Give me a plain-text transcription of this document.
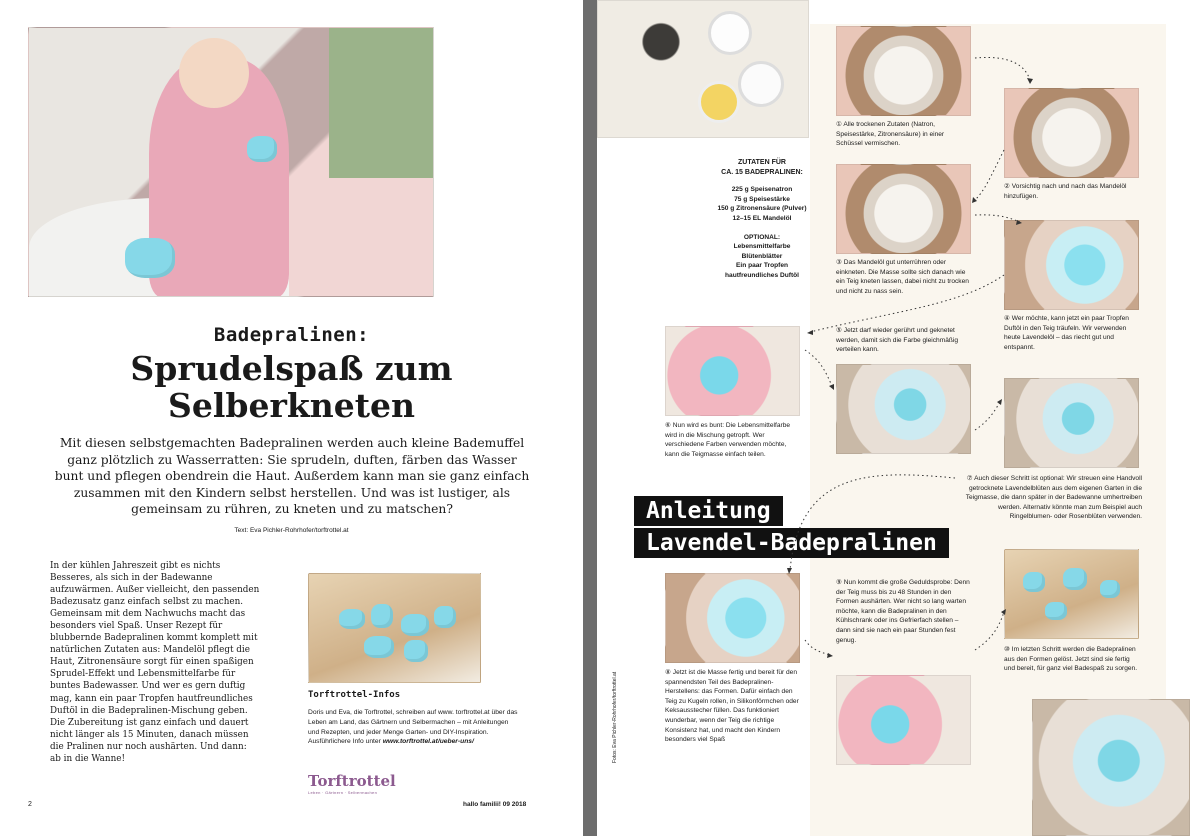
Badepralinen:
Sprudelspaß zum
Selberkneten

Mit diesen selbstgemachten Badepralinen werden auch kleine Bademuffel ganz plötzlich zu Wasserratten: Sie sprudeln, duften, färben das Wasser bunt und pflegen obendrein die Haut. Außerdem kann man sie ganz einfach zusammen mit den Kindern selbst herstellen. Und was ist lustiger, als gemeinsam zu rühren, zu kneten und zu matschen?

Text: Eva Pichler-Rohrhofer/torftrottel.at

In der kühlen Jahreszeit gibt es nichts Besseres, als sich in der Badewanne aufzuwärmen. Außer vielleicht, den passenden Badezusatz ganz einfach selbst zu machen. Gemeinsam mit dem Nachwuchs macht das besonders viel Spaß. Unser Rezept für blubbernde Badepralinen kommt komplett mit natürlichen Zutaten aus: Mandelöl pflegt die Haut, Zitronensäure sorgt für einen spaßigen Sprudel-Effekt und Lebensmittelfarbe für buntes Badewasser. Und wer es gern duftig mag, kann ein paar Tropfen hautfreundliches Duftöl in die Badepralinen-Mischung geben. Die Zubereitung ist ganz einfach und dauert nicht länger als 15 Minuten, danach müssen die Pralinen nur noch aushärten. Und dann: ab in die Wanne!

Torftrottel-Infos
Doris und Eva, die Torftrottel, schreiben auf www. torftrottel.at über das Leben am Land, das Gärtnern und Selbermachen – mit Anleitungen und Rezepten, und jeder Menge Garten- und DIY-Inspiration. Ausführlichere Info unter www.torftrottel.at/ueber-uns/
Torftrottel
Leben · Gärtnern · Selbermachen
2	hallo familii! 09 2018
ZUTATEN FÜR
CA. 15 BADEPRALINEN:
225 g Speisenatron
75 g Speisestärke
150 g Zitronensäure (Pulver)
12–15 EL Mandelöl
OPTIONAL:
Lebensmittelfarbe
Blütenblätter
Ein paar Tropfen
hautfreundliches Duftöl
① Alle trockenen Zutaten (Natron, Speisestärke, Zitronensäure) in einer Schüssel vermischen.
② Vorsichtig nach und nach das Mandelöl hinzufügen.
③ Das Mandelöl gut unterrühren oder einkneten. Die Masse sollte sich danach wie ein Teig kneten lassen, dabei nicht zu trocken und nicht zu nass sein.
④ Wer möchte, kann jetzt ein paar Tropfen Duftöl in den Teig träufeln. Wir verwenden heute Lavendelöl – das riecht gut und entspannt.
⑤ Jetzt darf wieder gerührt und geknetet werden, damit sich die Farbe gleichmäßig verteilen kann.
⑥ Nun wird es bunt: Die Lebensmittelfarbe wird in die Mischung getropft. Wer verschiedene Farben verwenden möchte, kann die Teigmasse einfach teilen.
⑦ Auch dieser Schritt ist optional: Wir streuen eine Handvoll getrocknete Lavendelblüten aus dem eigenen Garten in die Teigmasse, die dann später in der Badewanne umhertreiben werden. Alternativ könnte man zum Beispiel auch Ringelblumen- oder Rosenblüten verwenden.
⑧ Jetzt ist die Masse fertig und bereit für den spannendsten Teil des Badepralinen-Herstellens: das Formen. Dafür einfach den Teig zu Kugeln rollen, in Silikonförmchen oder Keksausstecher füllen. Das funktioniert wunderbar, wenn der Teig die richtige Konsistenz hat, und macht den Kindern besonders viel Spaß
⑨ Nun kommt die große Geduldsprobe: Denn der Teig muss bis zu 48 Stunden in den Formen aushärten. Wer nicht so lang warten möchte, kann die Badepralinen in den Kühlschrank oder ins Gefrierfach stellen – dann sind sie nach ein paar Stunden fest genug.
⑩ Im letzten Schritt werden die Badepralinen aus den Formen gelöst. Jetzt sind sie fertig und bereit, für ganz viel Badespaß zu sorgen.
Anleitung
Lavendel-Badepralinen
Fotos: Eva Pichler-Rohrhofer/torftrottel.at
